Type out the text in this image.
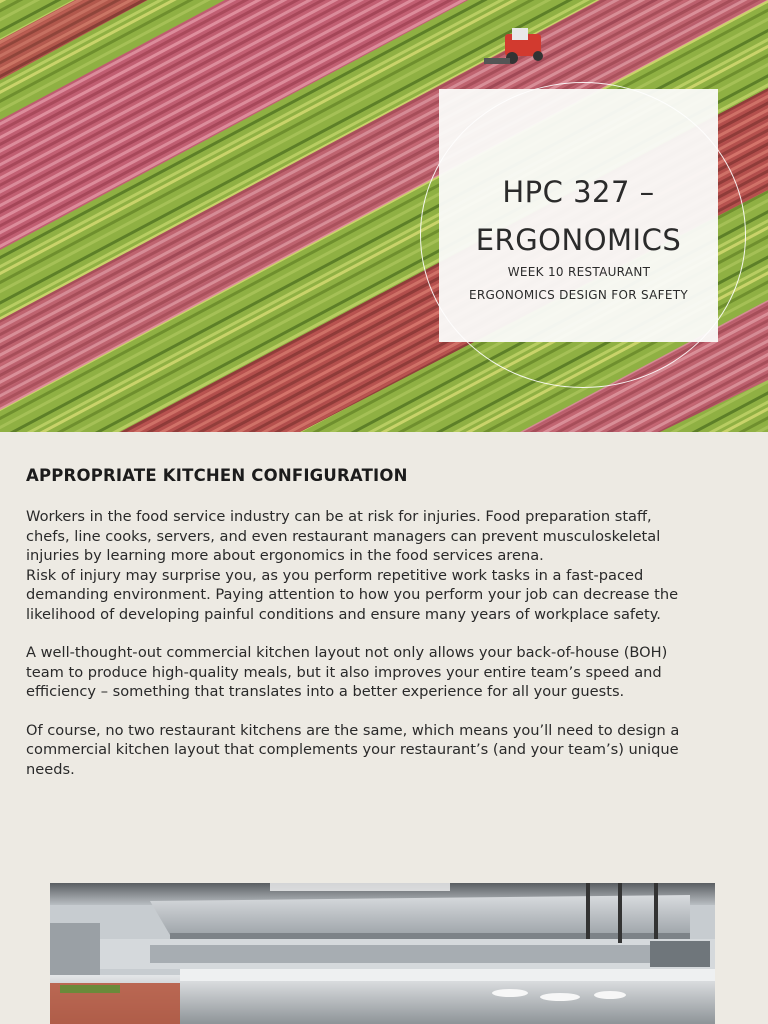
HPC 327 –
ERGONOMICS
WEEK 10 RESTAURANT
ERGONOMICS DESIGN FOR SAFETY
APPROPRIATE KITCHEN CONFIGURATION

Workers in the food service industry can be at risk for injuries. Food preparation staff,
chefs, line cooks, servers, and even restaurant managers can prevent musculoskeletal
injuries by learning more about ergonomics in the food services arena.
Risk of injury may surprise you, as you perform repetitive work tasks in a fast-paced
demanding environment. Paying attention to how you perform your job can decrease the
likelihood of developing painful conditions and ensure many years of workplace safety.

A well-thought-out commercial kitchen layout not only allows your back-of-house (BOH)
team to produce high-quality meals, but it also improves your entire team’s speed and
efficiency – something that translates into a better experience for all your guests.

Of course, no two restaurant kitchens are the same, which means you’ll need to design a
commercial kitchen layout that complements your restaurant’s (and your team’s) unique
needs.
